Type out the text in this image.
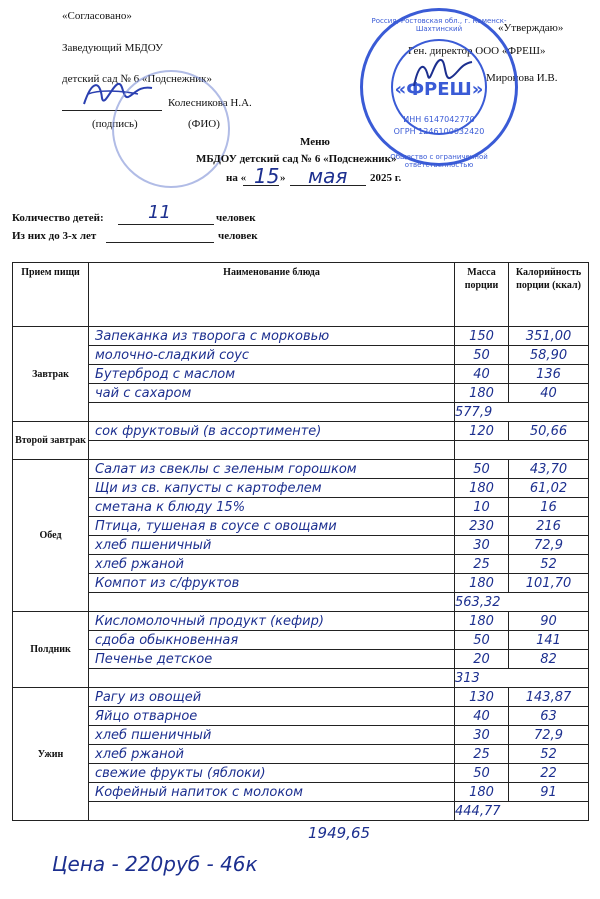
«Согласовано»
Заведующий МБДОУ
детский сад № 6 «Подснежник»
Колесникова Н.А.
(подпись)	(ФИО)
«Утверждаю»
Ген. директор ООО «ФРЕШ»
Миронова И.В.
Россия, Ростовская обл., г. Каменск-Шахтинский
Общество с ограниченной ответственностью
«ФРЕШ»
ИНН 6147042770
ОГРН 1246100032420
Меню
МБДОУ детский сад № 6 «Подснежник»
на « 15 » мая 2025 г.
Количество детей: 11	человек
Из них до 3-х лет	человек
Прием пищи	Наименование блюда	Масса порции	Калорийность порции (ккал)
Завтрак	Запеканка из творога с морковью	150	351,00
	молочно-сладкий соус	50	58,90
	Бутерброд с маслом	40	136
	чай с сахаром	180	40
		577,9	
Второй завтрак	сок фруктовый (в ассортименте)	120	50,66

Обед	Салат из свеклы с зеленым горошком	50	43,70
	Щи из св. капусты с картофелем	180	61,02
	сметана к блюду 15%	10	16
	Птица, тушеная в соусе с овощами	230	216
	хлеб пшеничный	30	72,9
	хлеб ржаной	25	52
	Компот из с/фруктов	180	101,70
		563,32	
Полдник	Кисломолочный продукт (кефир)	180	90
	сдоба обыкновенная	50	141
	Печенье детское	20	82
		313	
Ужин	Рагу из овощей	130	143,87
	Яйцо отварное	40	63
	хлеб пшеничный	30	72,9
	хлеб ржаной	25	52
	свежие фрукты (яблоки)	50	22
	Кофейный напиток с молоком	180	91
		444,77	
1949,65
Цена - 220руб - 46к
